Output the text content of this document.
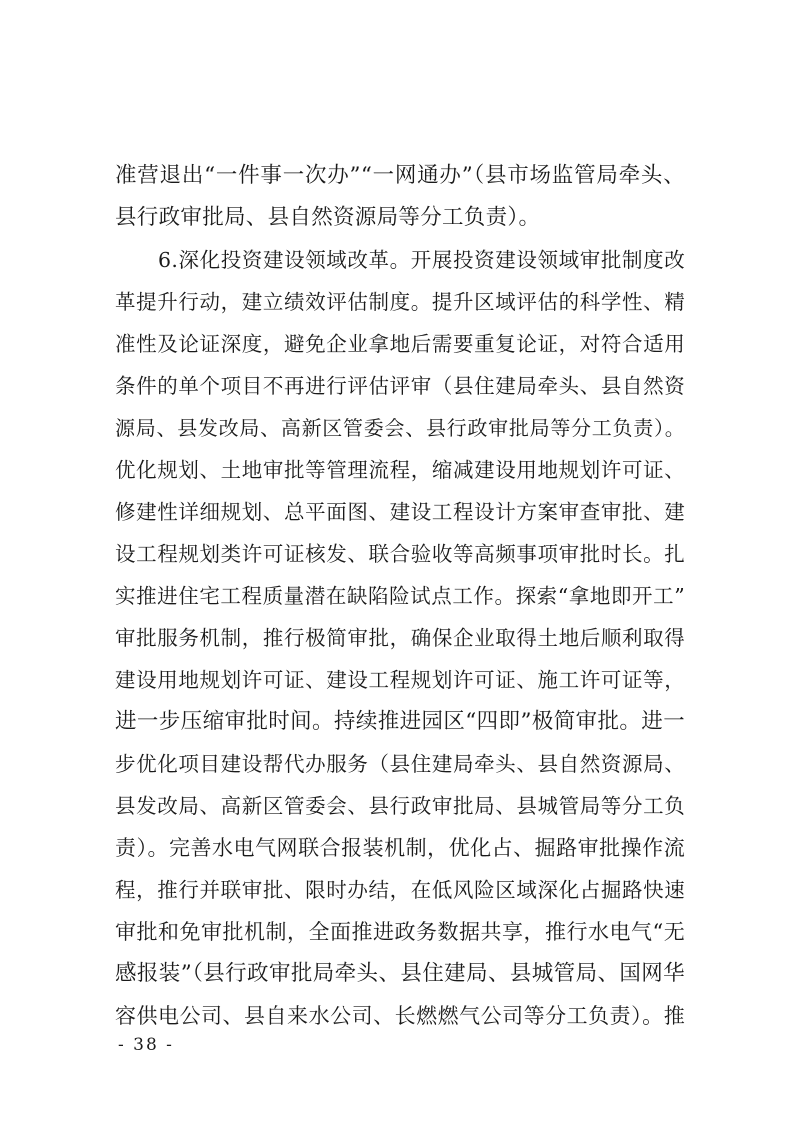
准营退出“一件事一次办”“一网通办”（县市场监管局牵头、
县行政审批局、县自然资源局等分工负责）。
6.深化投资建设领域改革。开展投资建设领域审批制度改
革提升行动，建立绩效评估制度。提升区域评估的科学性、精
准性及论证深度，避免企业拿地后需要重复论证，对符合适用
条件的单个项目不再进行评估评审（县住建局牵头、县自然资
源局、县发改局、高新区管委会、县行政审批局等分工负责）。
优化规划、土地审批等管理流程，缩减建设用地规划许可证、
修建性详细规划、总平面图、建设工程设计方案审查审批、建
设工程规划类许可证核发、联合验收等高频事项审批时长。扎
实推进住宅工程质量潜在缺陷险试点工作。探索“拿地即开工”
审批服务机制，推行极简审批，确保企业取得土地后顺利取得
建设用地规划许可证、建设工程规划许可证、施工许可证等，
进一步压缩审批时间。持续推进园区“四即”极简审批。进一
步优化项目建设帮代办服务（县住建局牵头、县自然资源局、
县发改局、高新区管委会、县行政审批局、县城管局等分工负
责）。完善水电气网联合报装机制，优化占、掘路审批操作流
程，推行并联审批、限时办结，在低风险区域深化占掘路快速
审批和免审批机制，全面推进政务数据共享，推行水电气“无
感报装”（县行政审批局牵头、县住建局、县城管局、国网华
容供电公司、县自来水公司、长燃燃气公司等分工负责）。推
- 38 -
